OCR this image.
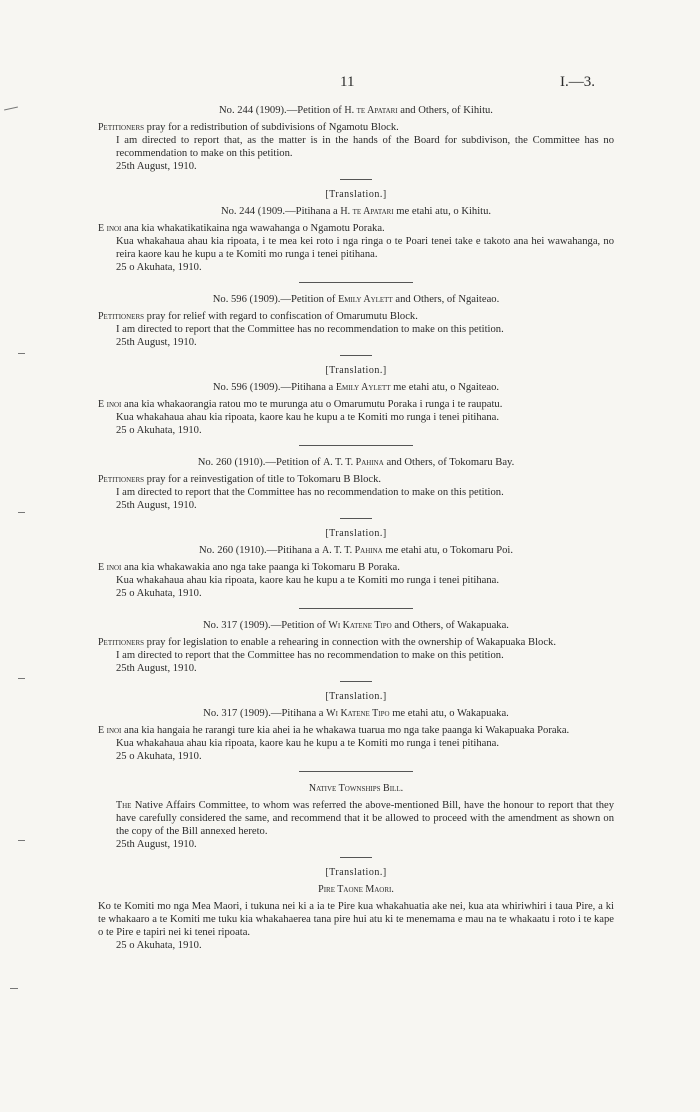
11	I.—3.

No. 244 (1909).—Petition of H. te Apatari and Others, of Kihitu.

Petitioners pray for a redistribution of subdivisions of Ngamotu Block.

I am directed to report that, as the matter is in the hands of the Board for subdivison, the Committee has no recommendation to make on this petition.

25th August, 1910.

[Translation.]

No. 244 (1909.—Pitihana a H. te Apatari me etahi atu, o Kihitu.

E inoi ana kia whakatikatikaina nga wawahanga o Ngamotu Poraka.

Kua whakahaua ahau kia ripoata, i te mea kei roto i nga ringa o te Poari tenei take e takoto ana hei wawahanga, no reira kaore kau he kupu a te Komiti mo runga i tenei pitihana.

25 o Akuhata, 1910.

No. 596 (1909).—Petition of Emily Aylett and Others, of Ngaiteao.

Petitioners pray for relief with regard to confiscation of Omarumutu Block.

I am directed to report that the Committee has no recommendation to make on this petition.

25th August, 1910.

[Translation.]

No. 596 (1909).—Pitihana a Emily Aylett me etahi atu, o Ngaiteao.

E inoi ana kia whakaorangia ratou mo te murunga atu o Omarumutu Poraka i runga i te raupatu.

Kua whakahaua ahau kia ripoata, kaore kau he kupu a te Komiti mo runga i tenei pitihana.

25 o Akuhata, 1910.

No. 260 (1910).—Petition of A. T. T. Pahina and Others, of Tokomaru Bay.

Petitioners pray for a reinvestigation of title to Tokomaru B Block.

I am directed to report that the Committee has no recommendation to make on this petition.

25th August, 1910.

[Translation.]

No. 260 (1910).—Pitihana a A. T. T. Pahina me etahi atu, o Tokomaru Poi.

E inoi ana kia whakawakia ano nga take paanga ki Tokomaru B Poraka.

Kua whakahaua ahau kia ripoata, kaore kau he kupu a te Komiti mo runga i tenei pitihana.

25 o Akuhata, 1910.

No. 317 (1909).—Petition of Wi Katene Tipo and Others, of Wakapuaka.

Petitioners pray for legislation to enable a rehearing in connection with the ownership of Wakapuaka Block.

I am directed to report that the Committee has no recommendation to make on this petition.

25th August, 1910.

[Translation.]

No. 317 (1909).—Pitihana a Wi Katene Tipo me etahi atu, o Wakapuaka.

E inoi ana kia hangaia he rarangi ture kia ahei ia he whakawa tuarua mo nga take paanga ki Wakapuaka Poraka.

Kua whakahaua ahau kia ripoata, kaore kau he kupu a te Komiti mo runga i tenei pitihana.

25 o Akuhata, 1910.

Native Townships Bill.

The Native Affairs Committee, to whom was referred the above-mentioned Bill, have the honour to report that they have carefully considered the same, and recommend that it be allowed to proceed with the amendment as shown on the copy of the Bill annexed hereto.

25th August, 1910.

[Translation.]

Pire Taone Maori.

Ko te Komiti mo nga Mea Maori, i tukuna nei ki a ia te Pire kua whakahuatia ake nei, kua ata whiriwhiri i taua Pire, a ki te whakaaro a te Komiti me tuku kia whakahaerea tana pire hui atu ki te menemama e mau na te whakaatu i roto i te kape o te Pire e tapiri nei ki tenei ripoata.

25 o Akuhata, 1910.
